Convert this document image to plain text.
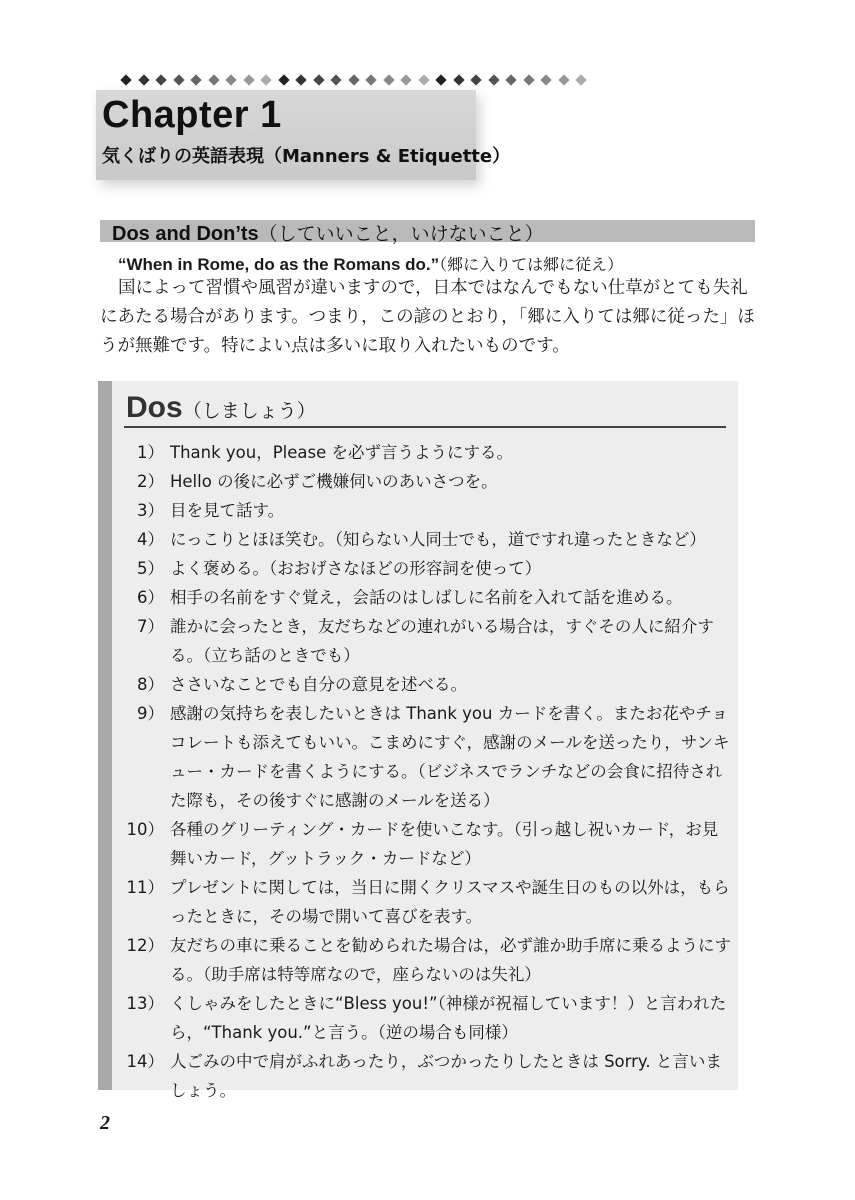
Chapter 1
気くばりの英語表現（Manners & Etiquette）
Dos and Don’ts（していいこと，いけないこと）
“When in Rome, do as the Romans do.”（郷に入りては郷に従え）
国によって習慣や風習が違いますので，日本ではなんでもない仕草がとても失礼
にあたる場合があります。つまり，この諺のとおり，「郷に入りては郷に従った」ほ
うが無難です。特によい点は多いに取り入れたいものです。
Dos（しましょう）
1） Thank you，Please を必ず言うようにする。
2） Hello の後に必ずご機嫌伺いのあいさつを。
3） 目を見て話す。
4） にっこりとほほ笑む。（知らない人同士でも，道ですれ違ったときなど）
5） よく褒める。（おおげさなほどの形容詞を使って）
6） 相手の名前をすぐ覚え，会話のはしばしに名前を入れて話を進める。
7） 誰かに会ったとき，友だちなどの連れがいる場合は，すぐその人に紹介する。（立ち話のときでも）
8） ささいなことでも自分の意見を述べる。
9） 感謝の気持ちを表したいときは Thank you カードを書く。またお花やチョコレートも添えてもいい。こまめにすぐ，感謝のメールを送ったり，サンキュー・カードを書くようにする。（ビジネスでランチなどの会食に招待された際も，その後すぐに感謝のメールを送る）
10） 各種のグリーティング・カードを使いこなす。（引っ越し祝いカード，お見舞いカード，グットラック・カードなど）
11） プレゼントに関しては，当日に開くクリスマスや誕生日のもの以外は，もらったときに，その場で開いて喜びを表す。
12） 友だちの車に乗ることを勧められた場合は，必ず誰か助手席に乗るようにする。（助手席は特等席なので，座らないのは失礼）
13） くしゃみをしたときに“Bless you!”（神様が祝福しています！）と言われたら，“Thank you.”と言う。（逆の場合も同様）
14） 人ごみの中で肩がふれあったり，ぶつかったりしたときは Sorry. と言いましょう。
2
